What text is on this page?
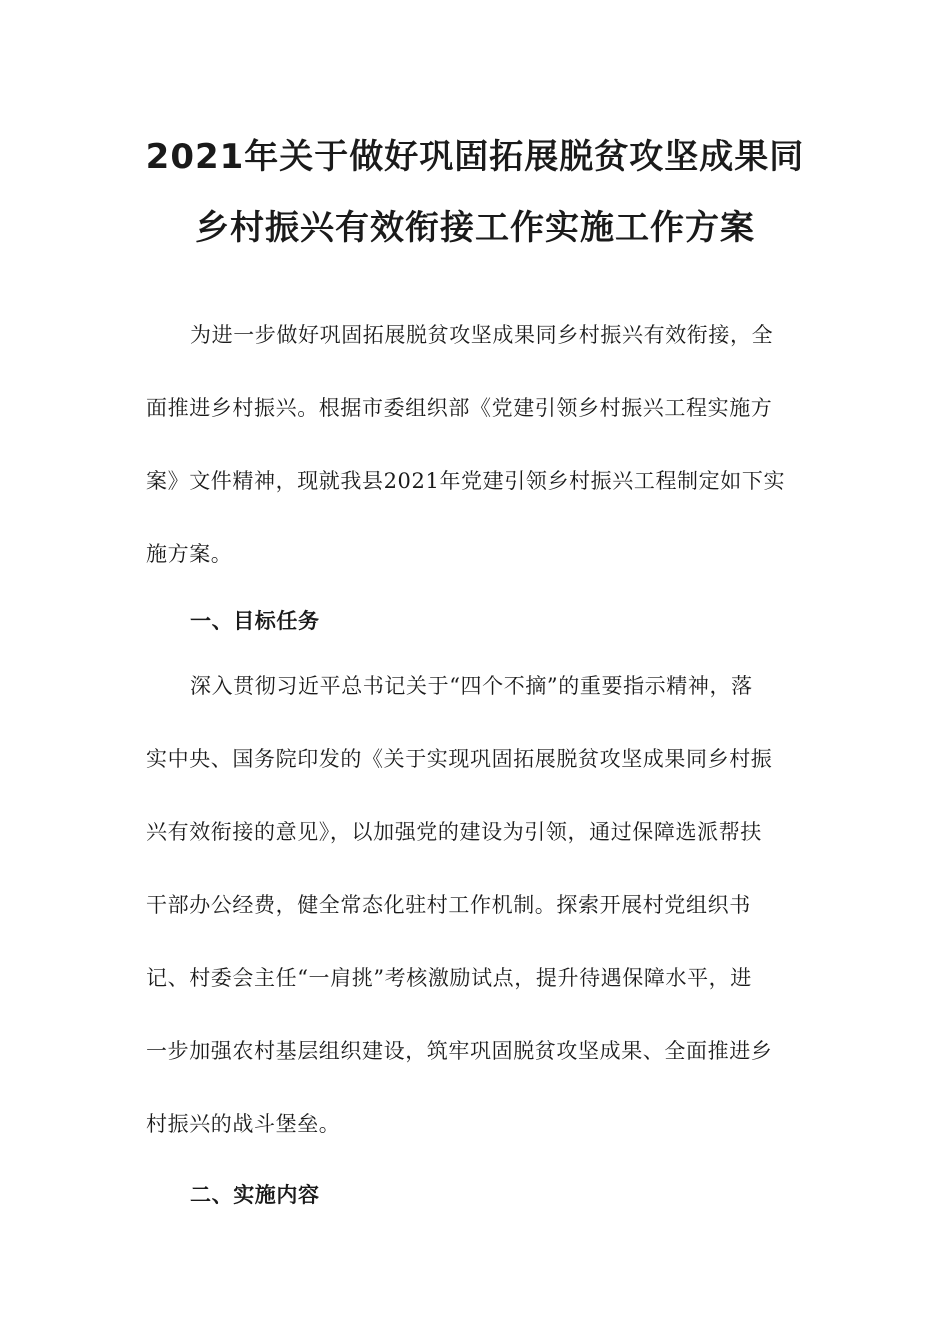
2021年关于做好巩固拓展脱贫攻坚成果同
乡村振兴有效衔接工作实施工作方案
为进一步做好巩固拓展脱贫攻坚成果同乡村振兴有效衔接，全
面推进乡村振兴。根据市委组织部《党建引领乡村振兴工程实施方
案》文件精神，现就我县2021年党建引领乡村振兴工程制定如下实
施方案。
一、目标任务
深入贯彻习近平总书记关于“四个不摘”的重要指示精神，落
实中央、国务院印发的《关于实现巩固拓展脱贫攻坚成果同乡村振
兴有效衔接的意见》，以加强党的建设为引领，通过保障选派帮扶
干部办公经费，健全常态化驻村工作机制。探索开展村党组织书
记、村委会主任“一肩挑”考核激励试点，提升待遇保障水平，进
一步加强农村基层组织建设，筑牢巩固脱贫攻坚成果、全面推进乡
村振兴的战斗堡垒。
二、实施内容
